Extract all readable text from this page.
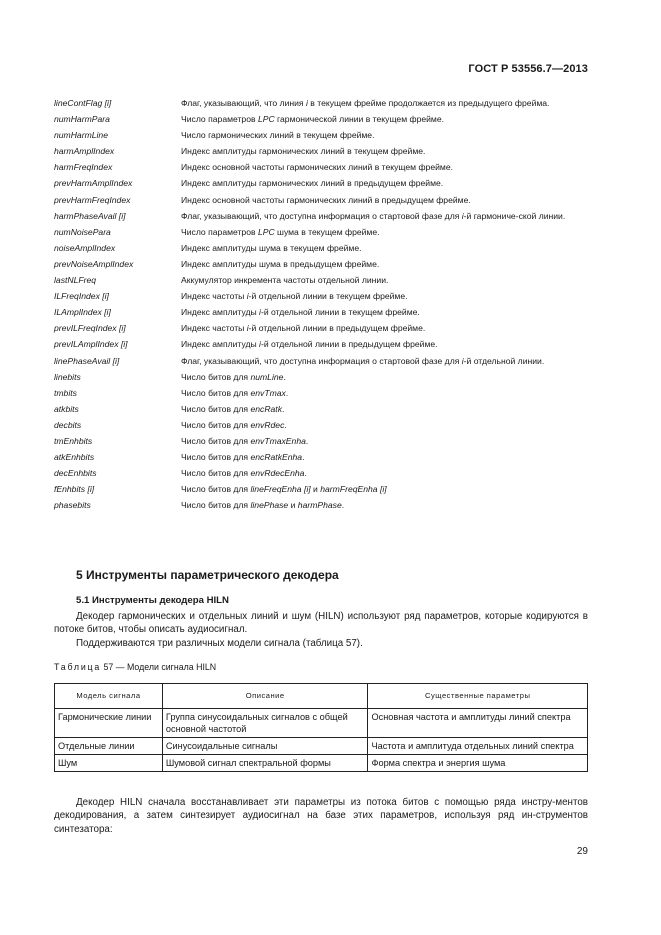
ГОСТ Р 53556.7—2013
lineContFlag [i]	Флаг, указывающий, что линия i в текущем фрейме продолжается из предыдущего фрейма.
numHarmPara	Число параметров LPC гармонической линии в текущем фрейме.
numHarmLine	Число гармонических линий в текущем фрейме.
harmAmplIndex	Индекс амплитуды гармонических линий в текущем фрейме.
harmFreqIndex	Индекс основной частоты гармонических линий в текущем фрейме.
prevHarmAmplIndex	Индекс амплитуды гармонических линий в предыдущем фрейме.
prevHarmFreqIndex	Индекс основной частоты гармонических линий в предыдущем фрейме.
harmPhaseAvail [i]	Флаг, указывающий, что доступна информация о стартовой фазе для i-й гармониче-ской линии.
numNoisePara	Число параметров LPC шума в текущем фрейме.
noiseAmplIndex	Индекс амплитуды шума в текущем фрейме.
prevNoiseAmplIndex	Индекс амплитуды шума в предыдущем фрейме.
lastNLFreq	Аккумулятор инкремента частоты отдельной линии.
ILFreqIndex [i]	Индекс частоты i-й отдельной линии в текущем фрейме.
ILAmplIndex [i]	Индекс амплитуды i-й отдельной линии в текущем фрейме.
prevILFreqIndex [i]	Индекс частоты i-й отдельной линии в предыдущем фрейме.
prevILAmplIndex [i]	Индекс амплитуды i-й отдельной линии в предыдущем фрейме.
linePhaseAvail [i]	Флаг, указывающий, что доступна информация о стартовой фазе для i-й отдельной линии.
linebits	Число битов для numLine.
tmbits	Число битов для envTmax.
atkbits	Число битов для encRatk.
decbits	Число битов для envRdec.
tmEnhbits	Число битов для envTmaxEnha.
atkEnhbits	Число битов для encRatkEnha.
decEnhbits	Число битов для envRdecEnha.
fEnhbits [i]	Число битов для lineFreqEnha [i] и harmFreqEnha [i]
phasebits	Число битов для linePhase и harmPhase.
5 Инструменты параметрического декодера
5.1 Инструменты декодера HILN
Декодер гармонических и отдельных линий и шум (HILN) используют ряд параметров, которые кодируются в потоке битов, чтобы описать аудиосигнал.
Поддерживаются три различных модели сигнала (таблица 57).
Таблица 57 — Модели сигнала HILN
Модель сигнала	Описание	Существенные параметры
Гармонические линии	Группа синусоидальных сигналов с общей основной частотой	Основная частота и амплитуды линий спектра
Отдельные линии	Синусоидальные сигналы	Частота и амплитуда отдельных линий спектра
Шум	Шумовой сигнал спектральной формы	Форма спектра и энергия шума
Декодер HILN сначала восстанавливает эти параметры из потока битов с помощью ряда инстру-ментов декодирования, а затем синтезирует аудиосигнал на базе этих параметров, используя ряд ин-струментов синтезатора:
29
